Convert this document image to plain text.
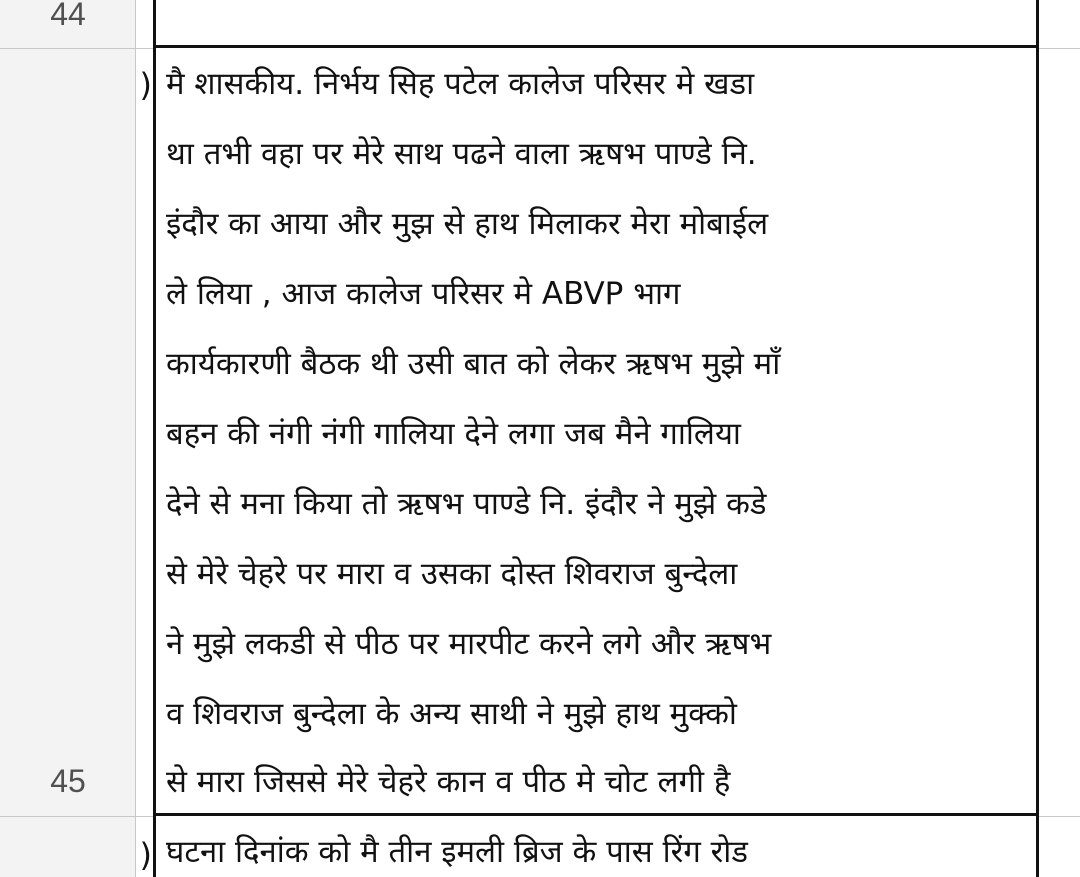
44
45
)
)
मै शासकीय. निर्भय सिह पटेल कालेज परिसर मे खडा
था तभी वहा पर मेरे साथ पढने वाला ऋषभ पाण्डे नि.
इंदौर का आया और मुझ से हाथ मिलाकर मेरा मोबाईल
ले लिया , आज कालेज परिसर मे ABVP भाग
कार्यकारणी बैठक थी उसी बात को लेकर ऋषभ मुझे माँ
बहन की नंगी नंगी गालिया देने लगा जब मैने गालिया
देने से मना किया तो ऋषभ पाण्डे नि. इंदौर ने मुझे कडे
से मेरे चेहरे पर मारा व उसका दोस्त शिवराज बुन्देला
ने मुझे लकडी से पीठ पर मारपीट करने लगे और ऋषभ
व शिवराज बुन्देला के अन्य साथी ने मुझे हाथ मुक्को
से मारा जिससे मेरे चेहरे कान व पीठ मे चोट लगी है
घटना दिनांक को मै तीन इमली ब्रिज के पास रिंग रोड
